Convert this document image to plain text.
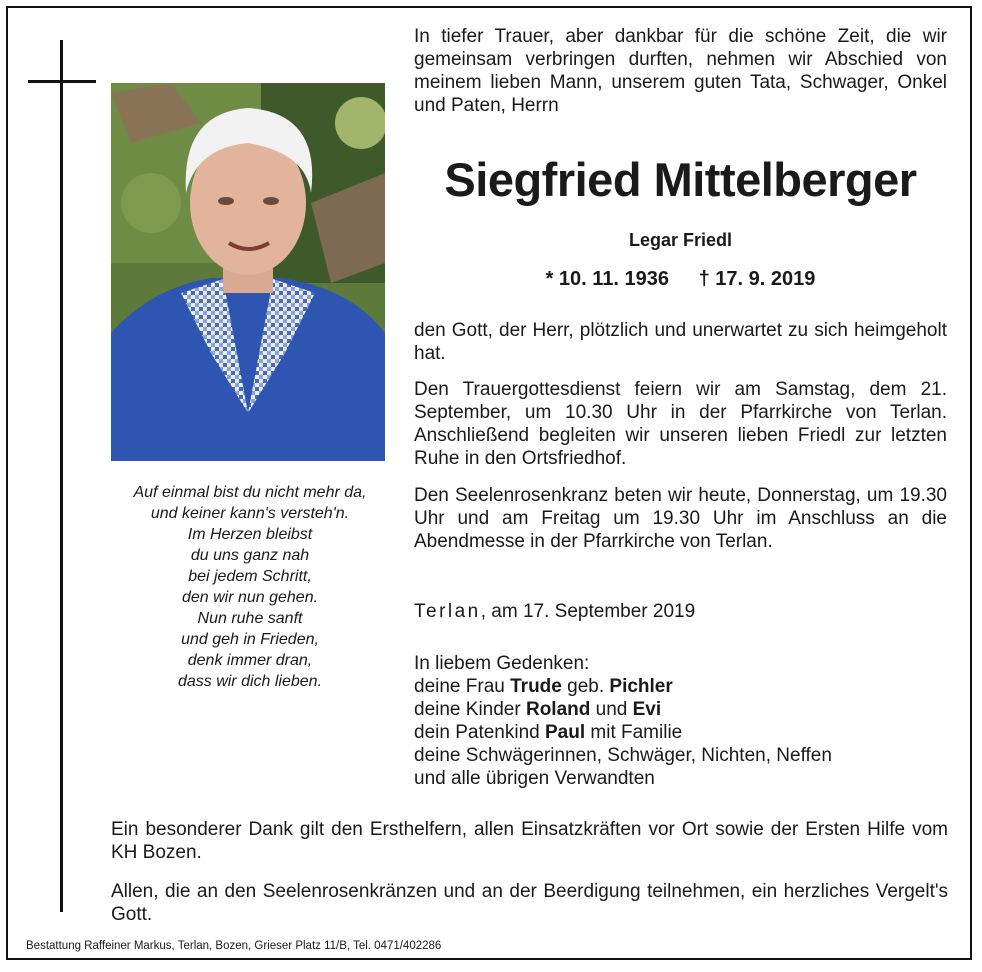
Auf einmal bist du nicht mehr da,
und keiner kann's versteh'n.
Im Herzen bleibst
du uns ganz nah
bei jedem Schritt,
den wir nun gehen.
Nun ruhe sanft
und geh in Frieden,
denk immer dran,
dass wir dich lieben.
In tiefer Trauer, aber dankbar für die schöne Zeit, die wir gemeinsam verbringen durften, nehmen wir Abschied von meinem lieben Mann, unserem guten Tata, Schwager, Onkel und Paten, Herrn
Siegfried Mittelberger
Legar Friedl
* 10. 11. 1936 † 17. 9. 2019
den Gott, der Herr, plötzlich und unerwartet zu sich heimgeholt hat.
Den Trauergottesdienst feiern wir am Samstag, dem 21. September, um 10.30 Uhr in der Pfarrkirche von Terlan. Anschließend begleiten wir unseren lieben Friedl zur letzten Ruhe in den Ortsfriedhof.
Den Seelenrosenkranz beten wir heute, Donnerstag, um 19.30 Uhr und am Freitag um 19.30 Uhr im Anschluss an die Abendmesse in der Pfarrkirche von Terlan.
Terlan, am 17. September 2019
In liebem Gedenken:
deine Frau Trude geb. Pichler
deine Kinder Roland und Evi
dein Patenkind Paul mit Familie
deine Schwägerinnen, Schwäger, Nichten, Neffen
und alle übrigen Verwandten
Ein besonderer Dank gilt den Ersthelfern, allen Einsatzkräften vor Ort sowie der Ersten Hilfe vom KH Bozen.
Allen, die an den Seelenrosenkränzen und an der Beerdigung teilnehmen, ein herzliches Vergelt's Gott.
Bestattung Raffeiner Markus, Terlan, Bozen, Grieser Platz 11/B, Tel. 0471/402286
